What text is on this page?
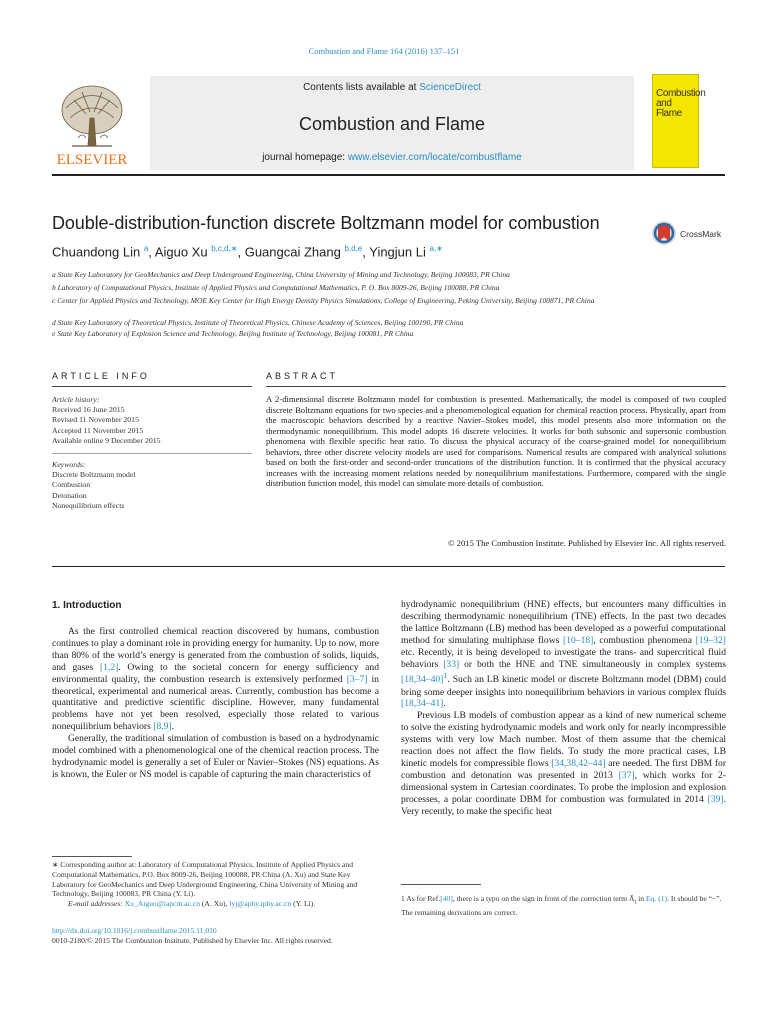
Combustion and Flame 164 (2016) 137–151
ELSEVIER
Contents lists available at ScienceDirect
Combustion and Flame
journal homepage: www.elsevier.com/locate/combustflame
Combustion and Flame
Double-distribution-function discrete Boltzmann model for combustion
CrossMark
Chuandong Lin $^a$, Aiguo Xu $^{b,c,d,∗}$, Guangcai Zhang $^{b,d,e}$, Yingjun Li $^{a,∗}$
a State Key Laboratory for GeoMechanics and Deep Underground Engineering, China University of Mining and Technology, Beijing 100083, PR China
b Laboratory of Computational Physics, Institute of Applied Physics and Computational Mathematics, P. O. Box 8009-26, Beijing 100088, PR China
c Center for Applied Physics and Technology, MOE Key Center for High Energy Density Physics Simulations, College of Engineering, Peking University, Beijing 100871, PR China
d State Key Laboratory of Theoretical Physics, Institute of Theoretical Physics, Chinese Academy of Sciences, Beijing 100190, PR China
e State Key Laboratory of Explosion Science and Technology, Beijing Institute of Technology, Beijing 100081, PR China
ARTICLE INFO	ABSTRACT
Article history:
Received 16 June 2015
Revised 11 November 2015
Accepted 11 November 2015
Available online 9 December 2015
Keywords:
Discrete Boltzmann model
Combustion
Detonation
Nonequilibrium effects
A 2-dimensional discrete Boltzmann model for combustion is presented. Mathematically, the model is composed of two coupled discrete Boltzmann equations for two species and a phenomenological equation for chemical reaction process. Physically, apart from the macroscopic behaviors described by a reactive Navier–Stokes model, this model presents also more information on the thermodynamic nonequilibrium. This model adopts 16 discrete velocities. It works for both subsonic and supersonic combustion phenomena with flexible specific heat ratio. To discuss the physical accuracy of the coarse-grained model for nonequilibrium behaviors, three other discrete velocity models are used for comparisons. Numerical results are compared with analytical solutions based on both the first-order and second-order truncations of the distribution function. It is confirmed that the physical accuracy increases with the increasing moment relations needed by nonequilibrium manifestations. Furthermore, compared with the single distribution function model, this model can simulate more details of combustion.
© 2015 The Combustion Institute. Published by Elsevier Inc. All rights reserved.
1. Introduction

As the first controlled chemical reaction discovered by humans, combustion continues to play a dominant role in providing energy for humanity. Up to now, more than 80% of the world’s energy is generated from the combustion of solids, liquids, and gases [1,2]. Owing to the societal concern for energy sufficiency and environmental quality, the combustion research is extensively performed [3–7] in theoretical, experimental and numerical areas. Currently, combustion has become a quantitative and predictive scientific discipline. However, many fundamental problems have not yet been resolved, especially those related to various nonequilibrium behaviors [8,9].

Generally, the traditional simulation of combustion is based on a hydrodynamic model combined with a phenomenological one of the chemical reaction process. The hydrodynamic model is generally a set of Euler or Navier–Stokes (NS) equations. As is known, the Euler or NS model is capable of capturing the main characteristics of

hydrodynamic nonequilibrium (HNE) effects, but encounters many difficulties in describing thermodynamic nonequilibrium (TNE) effects. In the past two decades the lattice Boltzmann (LB) method has been developed as a powerful computational method for simulating multiphase flows [10–18], combustion phenomena [19–32] etc. Recently, it is being developed to investigate the trans- and supercritical fluid behaviors [33] or both the HNE and TNE simultaneously in complex systems $[18,34-40]^1$. Such an LB kinetic model or discrete Boltzmann model (DBM) could bring some deeper insights into nonequilibrium behaviors in various complex fluids [18,34–41].

Previous LB models of combustion appear as a kind of new numerical scheme to solve the existing hydrodynamic models and work only for nearly incompressible systems with very low Mach number. Most of them assume that the chemical reaction does not affect the flow fields. To study the more practical cases, LB kinetic models for compressible flows [34,38,42–44] are needed. The first DBM for combustion and detonation was presented in 2013 [37], which works for 2-dimensional system in Cartesian coordinates. To probe the implosion and explosion processes, a polar coordinate DBM for combustion was formulated in 2014 [39]. Very recently, to make the specific heat

∗ Corresponding author at: Laboratory of Computational Physics, Institute of Applied Physics and Computational Mathematics, P.O. Box 8009-26, Beijing 100088, PR China (A. Xu) and State Key Laboratory for GeoMechanics and Deep Underground Engineering, China University of Mining and Technology, Beijing 100083, PR China (Y. Li).
E-mail addresses: Xu_Aiguo@iapcm.ac.cn (A. Xu), lyj@aphy.iphy.ac.cn (Y. Li).
1 As for Ref.[40], there is a typo on the sign in front of the correction term $Ā_i$ in Eq. (1). It should be “−”. The remaining derivations are correct.
http://dx.doi.org/10.1016/j.combustflame.2015.11.010
0010-2180/© 2015 The Combustion Institute. Published by Elsevier Inc. All rights reserved.
